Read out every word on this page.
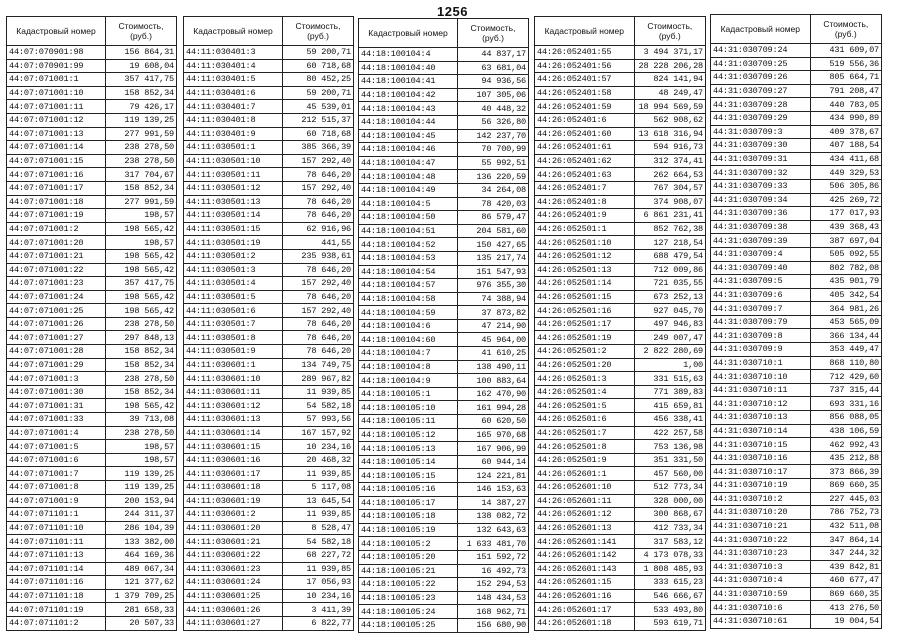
1256
Кадастровый номер	Стоимость, (руб.)
44:07:070901:98	156 864,31
44:07:070901:99	19 608,04
44:07:071001:1	357 417,75
44:07:071001:10	158 852,34
44:07:071001:11	79 426,17
44:07:071001:12	119 139,25
44:07:071001:13	277 991,59
44:07:071001:14	238 278,50
44:07:071001:15	238 278,50
44:07:071001:16	317 704,67
44:07:071001:17	158 852,34
44:07:071001:18	277 991,59
44:07:071001:19	198,57
44:07:071001:2	198 565,42
44:07:071001:20	198,57
44:07:071001:21	198 565,42
44:07:071001:22	198 565,42
44:07:071001:23	357 417,75
44:07:071001:24	198 565,42
44:07:071001:25	198 565,42
44:07:071001:26	238 278,50
44:07:071001:27	297 848,13
44:07:071001:28	158 852,34
44:07:071001:29	158 852,34
44:07:071001:3	238 278,50
44:07:071001:30	158 852,34
44:07:071001:31	198 565,42
44:07:071001:33	39 713,08
44:07:071001:4	238 278,50
44:07:071001:5	198,57
44:07:071001:6	198,57
44:07:071001:7	119 139,25
44:07:071001:8	119 139,25
44:07:071001:9	200 153,94
44:07:071101:1	244 311,37
44:07:071101:10	286 104,39
44:07:071101:11	133 382,00
44:07:071101:13	464 169,36
44:07:071101:14	489 067,34
44:07:071101:16	121 377,62
44:07:071101:18	1 379 709,25
44:07:071101:19	281 658,33
44:07:071101:2	20 507,33
Кадастровый номер	Стоимость, (руб.)
44:11:030401:3	59 200,71
44:11:030401:4	60 718,68
44:11:030401:5	80 452,25
44:11:030401:6	59 200,71
44:11:030401:7	45 539,01
44:11:030401:8	212 515,37
44:11:030401:9	60 718,68
44:11:030501:1	385 366,39
44:11:030501:10	157 292,40
44:11:030501:11	78 646,20
44:11:030501:12	157 292,40
44:11:030501:13	78 646,20
44:11:030501:14	78 646,20
44:11:030501:15	62 916,96
44:11:030501:19	441,55
44:11:030501:2	235 938,61
44:11:030501:3	78 646,20
44:11:030501:4	157 292,40
44:11:030501:5	78 646,20
44:11:030501:6	157 292,40
44:11:030501:7	78 646,20
44:11:030501:8	78 646,20
44:11:030501:9	78 646,20
44:11:030601:1	134 749,75
44:11:030601:10	289 967,82
44:11:030601:11	11 939,85
44:11:030601:12	54 582,18
44:11:030601:13	57 993,56
44:11:030601:14	167 157,92
44:11:030601:15	10 234,16
44:11:030601:16	20 468,32
44:11:030601:17	11 939,85
44:11:030601:18	5 117,08
44:11:030601:19	13 645,54
44:11:030601:2	11 939,85
44:11:030601:20	8 528,47
44:11:030601:21	54 582,18
44:11:030601:22	68 227,72
44:11:030601:23	11 939,85
44:11:030601:24	17 056,93
44:11:030601:25	10 234,16
44:11:030601:26	3 411,39
44:11:030601:27	6 822,77
Кадастровый номер	Стоимость, (руб.)
44:18:100104:4	44 837,17
44:18:100104:40	63 681,04
44:18:100104:41	94 936,56
44:18:100104:42	107 305,06
44:18:100104:43	40 448,32
44:18:100104:44	56 326,80
44:18:100104:45	142 237,70
44:18:100104:46	70 700,99
44:18:100104:47	55 992,51
44:18:100104:48	136 220,59
44:18:100104:49	34 264,08
44:18:100104:5	78 420,03
44:18:100104:50	86 579,47
44:18:100104:51	204 581,60
44:18:100104:52	150 427,65
44:18:100104:53	135 217,74
44:18:100104:54	151 547,93
44:18:100104:57	976 355,30
44:18:100104:58	74 388,94
44:18:100104:59	37 873,82
44:18:100104:6	47 214,90
44:18:100104:60	45 964,00
44:18:100104:7	41 610,25
44:18:100104:8	138 490,11
44:18:100104:9	100 883,64
44:18:100105:1	162 470,90
44:18:100105:10	161 994,28
44:18:100105:11	60 620,50
44:18:100105:12	165 970,68
44:18:100105:13	167 906,99
44:18:100105:14	60 944,14
44:18:100105:15	124 221,81
44:18:100105:16	146 153,63
44:18:100105:17	14 387,27
44:18:100105:18	138 082,72
44:18:100105:19	132 643,63
44:18:100105:2	1 633 481,70
44:18:100105:20	151 592,72
44:18:100105:21	16 492,73
44:18:100105:22	152 294,53
44:18:100105:23	148 434,53
44:18:100105:24	168 962,71
44:18:100105:25	156 680,90
Кадастровый номер	Стоимость, (руб.)
44:26:052401:55	3 494 371,17
44:26:052401:56	28 228 206,28
44:26:052401:57	824 141,94
44:26:052401:58	48 249,47
44:26:052401:59	18 994 569,59
44:26:052401:6	562 908,62
44:26:052401:60	13 618 316,94
44:26:052401:61	594 916,73
44:26:052401:62	312 374,41
44:26:052401:63	262 664,53
44:26:052401:7	767 304,57
44:26:052401:8	374 908,07
44:26:052401:9	6 861 231,41
44:26:052501:1	852 762,38
44:26:052501:10	127 218,54
44:26:052501:12	688 479,54
44:26:052501:13	712 009,86
44:26:052501:14	721 035,55
44:26:052501:15	673 252,13
44:26:052501:16	927 045,70
44:26:052501:17	497 946,83
44:26:052501:19	249 007,47
44:26:052501:2	2 822 280,69
44:26:052501:20	1,00
44:26:052501:3	331 515,63
44:26:052501:4	771 389,83
44:26:052501:5	415 659,81
44:26:052501:6	456 338,41
44:26:052501:7	422 257,58
44:26:052501:8	753 136,98
44:26:052501:9	351 331,50
44:26:052601:1	457 560,00
44:26:052601:10	512 773,34
44:26:052601:11	328 000,00
44:26:052601:12	300 868,67
44:26:052601:13	412 733,34
44:26:052601:141	317 583,12
44:26:052601:142	4 173 078,33
44:26:052601:143	1 808 485,93
44:26:052601:15	333 615,23
44:26:052601:16	546 666,67
44:26:052601:17	533 493,80
44:26:052601:18	593 619,71
Кадастровый номер	Стоимость, (руб.)
44:31:030709:24	431 609,07
44:31:030709:25	519 556,36
44:31:030709:26	805 664,71
44:31:030709:27	791 208,47
44:31:030709:28	440 783,05
44:31:030709:29	434 990,89
44:31:030709:3	409 378,67
44:31:030709:30	407 188,54
44:31:030709:31	434 411,68
44:31:030709:32	449 329,53
44:31:030709:33	506 305,86
44:31:030709:34	425 269,72
44:31:030709:36	177 017,93
44:31:030709:38	439 368,43
44:31:030709:39	387 697,04
44:31:030709:4	505 092,55
44:31:030709:40	802 782,08
44:31:030709:5	435 901,79
44:31:030709:6	405 342,54
44:31:030709:7	364 981,26
44:31:030709:79	453 565,09
44:31:030709:8	366 134,44
44:31:030709:9	353 449,47
44:31:030710:1	868 110,80
44:31:030710:10	712 429,60
44:31:030710:11	737 315,44
44:31:030710:12	693 331,16
44:31:030710:13	856 088,05
44:31:030710:14	438 106,59
44:31:030710:15	462 992,43
44:31:030710:16	435 212,88
44:31:030710:17	373 866,39
44:31:030710:19	869 660,35
44:31:030710:2	227 445,03
44:31:030710:20	786 752,73
44:31:030710:21	432 511,08
44:31:030710:22	347 864,14
44:31:030710:23	347 244,32
44:31:030710:3	439 842,81
44:31:030710:4	460 677,47
44:31:030710:59	869 660,35
44:31:030710:6	413 276,50
44:31:030710:61	19 004,54
